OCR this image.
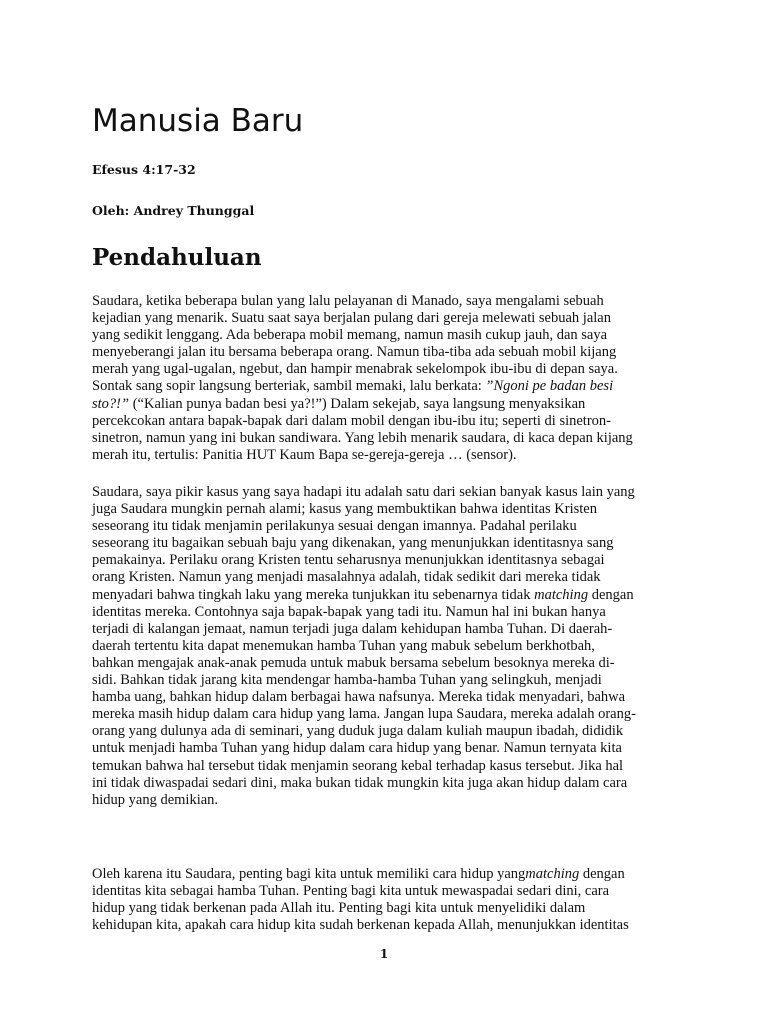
Manusia Baru

Efesus 4:17-32

Oleh: Andrey Thunggal

Pendahuluan
Saudara, ketika beberapa bulan yang lalu pelayanan di Manado, saya mengalami sebuah
kejadian yang menarik. Suatu saat saya berjalan pulang dari gereja melewati sebuah jalan
yang sedikit lenggang. Ada beberapa mobil memang, namun masih cukup jauh, dan saya
menyeberangi jalan itu bersama beberapa orang. Namun tiba-tiba ada sebuah mobil kijang
merah yang ugal-ugalan, ngebut, dan hampir menabrak sekelompok ibu-ibu di depan saya.
Sontak sang sopir langsung berteriak, sambil memaki, lalu berkata: ”Ngoni pe badan besi
sto?!” (“Kalian punya badan besi ya?!”) Dalam sekejab, saya langsung menyaksikan
percekcokan antara bapak-bapak dari dalam mobil dengan ibu-ibu itu; seperti di sinetron-
sinetron, namun yang ini bukan sandiwara. Yang lebih menarik saudara, di kaca depan kijang
merah itu, tertulis: Panitia HUT Kaum Bapa se-gereja-gereja … (sensor).
Saudara, saya pikir kasus yang saya hadapi itu adalah satu dari sekian banyak kasus lain yang
juga Saudara mungkin pernah alami; kasus yang membuktikan bahwa identitas Kristen
seseorang itu tidak menjamin perilakunya sesuai dengan imannya. Padahal perilaku
seseorang itu bagaikan sebuah baju yang dikenakan, yang menunjukkan identitasnya sang
pemakainya. Perilaku orang Kristen tentu seharusnya menunjukkan identitasnya sebagai
orang Kristen. Namun yang menjadi masalahnya adalah, tidak sedikit dari mereka tidak
menyadari bahwa tingkah laku yang mereka tunjukkan itu sebenarnya tidak matching dengan
identitas mereka. Contohnya saja bapak-bapak yang tadi itu. Namun hal ini bukan hanya
terjadi di kalangan jemaat, namun terjadi juga dalam kehidupan hamba Tuhan. Di daerah-
daerah tertentu kita dapat menemukan hamba Tuhan yang mabuk sebelum berkhotbah,
bahkan mengajak anak-anak pemuda untuk mabuk bersama sebelum besoknya mereka di-
sidi. Bahkan tidak jarang kita mendengar hamba-hamba Tuhan yang selingkuh, menjadi
hamba uang, bahkan hidup dalam berbagai hawa nafsunya. Mereka tidak menyadari, bahwa
mereka masih hidup dalam cara hidup yang lama. Jangan lupa Saudara, mereka adalah orang-
orang yang dulunya ada di seminari, yang duduk juga dalam kuliah maupun ibadah, dididik
untuk menjadi hamba Tuhan yang hidup dalam cara hidup yang benar. Namun ternyata kita
temukan bahwa hal tersebut tidak menjamin seorang kebal terhadap kasus tersebut. Jika hal
ini tidak diwaspadai sedari dini, maka bukan tidak mungkin kita juga akan hidup dalam cara
hidup yang demikian.
Oleh karena itu Saudara, penting bagi kita untuk memiliki cara hidup yangmatching dengan
identitas kita sebagai hamba Tuhan. Penting bagi kita untuk mewaspadai sedari dini, cara
hidup yang tidak berkenan pada Allah itu. Penting bagi kita untuk menyelidiki dalam
kehidupan kita, apakah cara hidup kita sudah berkenan kepada Allah, menunjukkan identitas

1
